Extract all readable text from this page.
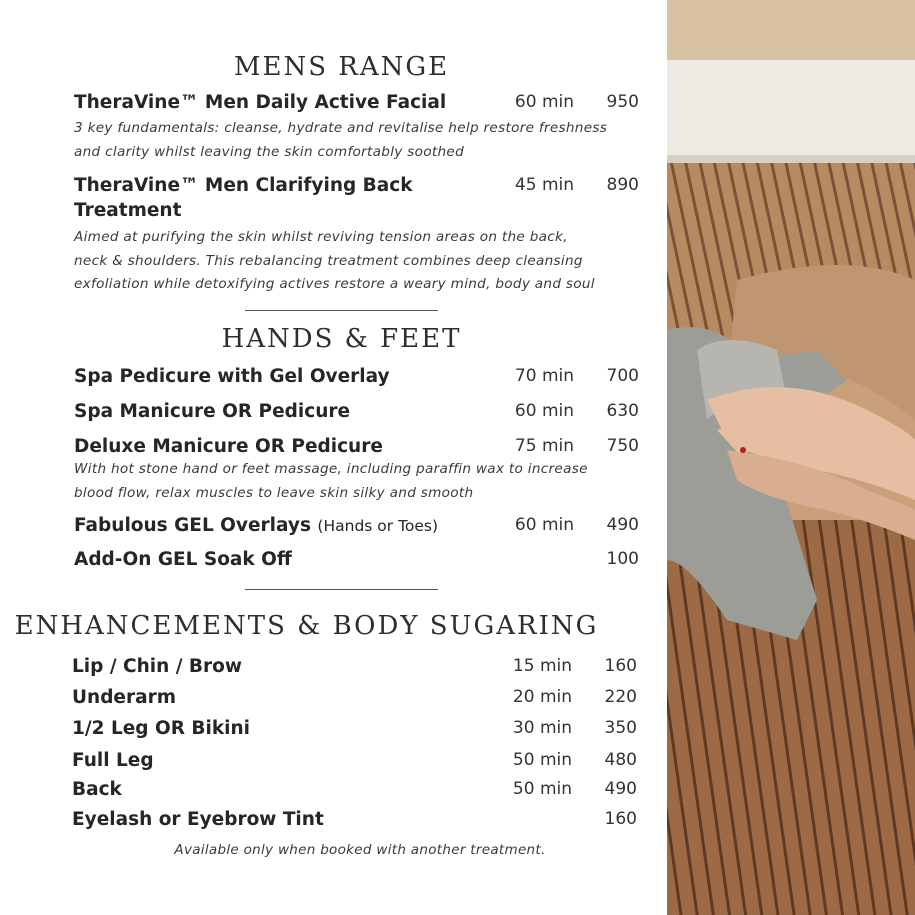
MENS RANGE
TheraVine™ Men Daily Active Facial	60 min 950
3 key fundamentals: cleanse, hydrate and revitalise help restore freshness
and clarity whilst leaving the skin comfortably soothed
TheraVine™ Men Clarifying Back
Treatment
45 min 890
Aimed at purifying the skin whilst reviving tension areas on the back,
neck & shoulders. This rebalancing treatment combines deep cleansing
exfoliation while detoxifying actives restore a weary mind, body and soul
HANDS & FEET
Spa Pedicure with Gel Overlay	70 min 700
Spa Manicure OR Pedicure	60 min 630
Deluxe Manicure OR Pedicure	75 min 750
With hot stone hand or feet massage, including paraffin wax to increase
blood flow, relax muscles to leave skin silky and smooth
Fabulous GEL Overlays (Hands or Toes)	60 min 490
Add-On GEL Soak Off	100
ENHANCEMENTS & BODY SUGARING
Lip / Chin / Brow	15 min 160
Underarm	20 min 220
1/2 Leg OR Bikini	30 min 350
Full Leg	50 min 480
Back	50 min 490
Eyelash or Eyebrow Tint	160
Available only when booked with another treatment.
